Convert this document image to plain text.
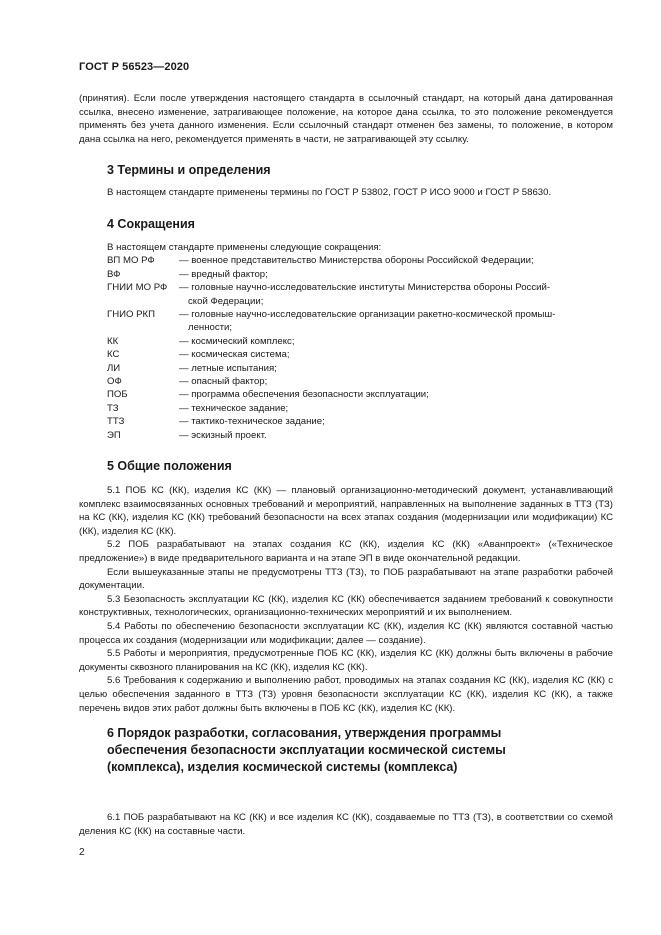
ГОСТ Р 56523—2020
(принятия). Если после утверждения настоящего стандарта в ссылочный стандарт, на который дана датированная ссылка, внесено изменение, затрагивающее положение, на которое дана ссылка, то это положение рекомендуется применять без учета данного изменения. Если ссылочный стандарт отменен без замены, то положение, в котором дана ссылка на него, рекомендуется применять в части, не затрагивающей эту ссылку.
3 Термины и определения
В настоящем стандарте применены термины по ГОСТ Р 53802, ГОСТ Р ИСО 9000 и ГОСТ Р 58630.
4 Сокращения
В настоящем стандарте применены следующие сокращения:
ВП МО РФ	— военное представительство Министерства обороны Российской Федерации;
ВФ	— вредный фактор;
ГНИИ МО РФ	— головные научно-исследовательские институты Министерства обороны Россий-
ской Федерации;
ГНИО РКП	— головные научно-исследовательские организации ракетно-космической промыш-
ленности;
КК	— космический комплекс;
КС	— космическая система;
ЛИ	— летные испытания;
ОФ	— опасный фактор;
ПОБ	— программа обеспечения безопасности эксплуатации;
ТЗ	— техническое задание;
ТТЗ	— тактико-техническое задание;
ЭП	— эскизный проект.
5 Общие положения
5.1 ПОБ КС (КК), изделия КС (КК) — плановый организационно-методический документ, устанавливающий комплекс взаимосвязанных основных требований и мероприятий, направленных на выполнение заданных в ТТЗ (ТЗ) на КС (КК), изделия КС (КК) требований безопасности на всех этапах создания (модернизации или модификации) КС (КК), изделия КС (КК).
5.2 ПОБ разрабатывают на этапах создания КС (КК), изделия КС (КК) «Аванпроект» («Техническое предложение») в виде предварительного варианта и на этапе ЭП в виде окончательной редакции.
Если вышеуказанные этапы не предусмотрены ТТЗ (ТЗ), то ПОБ разрабатывают на этапе разработки рабочей документации.
5.3 Безопасность эксплуатации КС (КК), изделия КС (КК) обеспечивается заданием требований к совокупности конструктивных, технологических, организационно-технических мероприятий и их выполнением.
5.4 Работы по обеспечению безопасности эксплуатации КС (КК), изделия КС (КК) являются составной частью процесса их создания (модернизации или модификации; далее — создание).
5.5 Работы и мероприятия, предусмотренные ПОБ КС (КК), изделия КС (КК) должны быть включены в рабочие документы сквозного планирования на КС (КК), изделия КС (КК).
5.6 Требования к содержанию и выполнению работ, проводимых на этапах создания КС (КК), изделия КС (КК) с целью обеспечения заданного в ТТЗ (ТЗ) уровня безопасности эксплуатации КС (КК), изделия КС (КК), а также перечень видов этих работ должны быть включены в ПОБ КС (КК), изделия КС (КК).
6 Порядок разработки, согласования, утверждения программы
обеспечения безопасности эксплуатации космической системы
(комплекса), изделия космической системы (комплекса)
6.1 ПОБ разрабатывают на КС (КК) и все изделия КС (КК), создаваемые по ТТЗ (ТЗ), в соответствии со схемой деления КС (КК) на составные части.
2
